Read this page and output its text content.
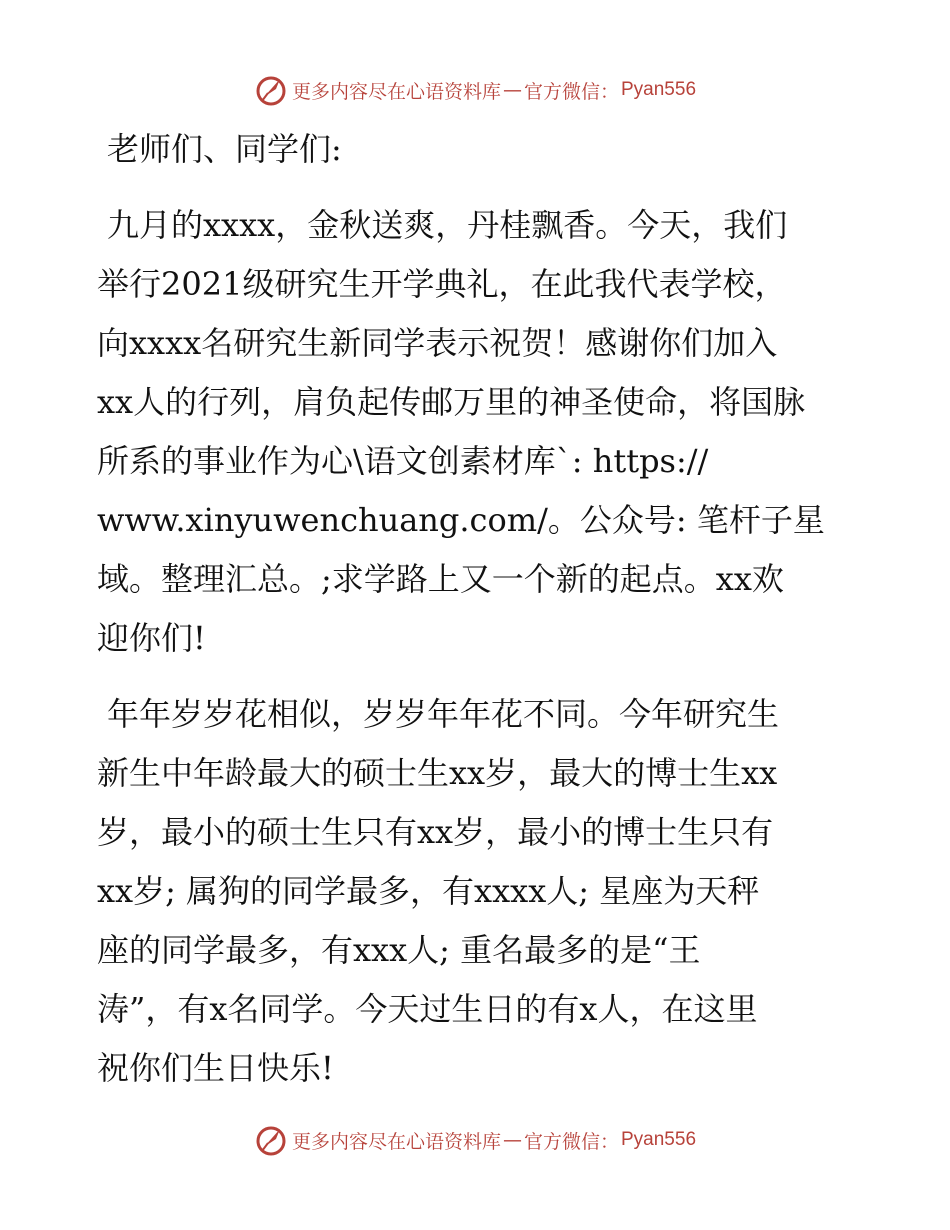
更多内容尽在心语资料库 — 官方微信： Pyan556

老师们、同学们:

九月的xxxx，金秋送爽，丹桂飘香。今天，我们
举行2021级研究生开学典礼，在此我代表学校，
向xxxx名研究生新同学表示祝贺！感谢你们加入
xx人的行列，肩负起传邮万里的神圣使命，将国脉
所系的事业作为心\语文创素材库`: https://
www.xinyuwenchuang.com/。公众号: 笔杆子星
域。整理汇总。;求学路上又一个新的起点。xx欢
迎你们!

年年岁岁花相似，岁岁年年花不同。今年研究生
新生中年龄最大的硕士生xx岁，最大的博士生xx
岁，最小的硕士生只有xx岁，最小的博士生只有
xx岁; 属狗的同学最多，有xxxx人; 星座为天秤
座的同学最多，有xxx人; 重名最多的是“王
涛”，有x名同学。今天过生日的有x人，在这里
祝你们生日快乐!

更多内容尽在心语资料库 — 官方微信： Pyan556
